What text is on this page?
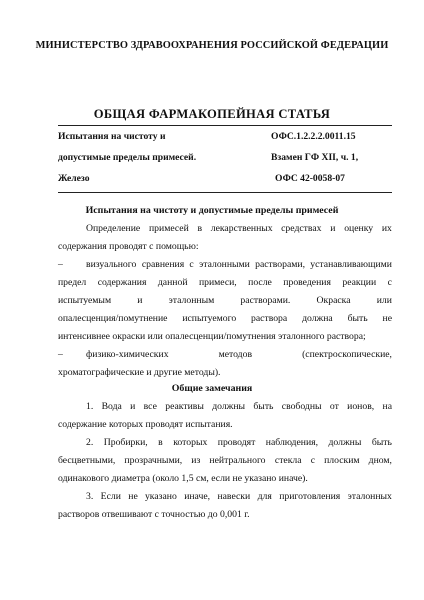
МИНИСТЕРСТВО ЗДРАВООХРАНЕНИЯ РОССИЙСКОЙ ФЕДЕРАЦИИ
ОБЩАЯ ФАРМАКОПЕЙНАЯ СТАТЬЯ
Испытания на чистоту и	ОФС.1.2.2.2.0011.15
допустимые пределы примесей.	Взамен ГФ XII, ч. 1,
Железо	ОФС 42-0058-07
Испытания на чистоту и допустимые пределы примесей
Определение примесей в лекарственных средствах и оценку их
содержания проводят с помощью:
– визуального сравнения с эталонными растворами, устанавливающими
предел содержания данной примеси, после проведения реакции с
испытуемым	и	эталонным	растворами.	Окраска	или
опалесценция/помутнение испытуемого раствора должна быть не
интенсивнее окраски или опалесценции/помутнения эталонного раствора;
– физико-химических	методов	(спектроскопические,
хроматографические и другие методы).
Общие замечания
1. Вода и все реактивы должны быть свободны от ионов, на
содержание которых проводят испытания.
2. Пробирки, в которых проводят наблюдения, должны быть
бесцветными, прозрачными, из нейтрального стекла с плоским дном,
одинакового диаметра (около 1,5 см, если не указано иначе).
3. Если не указано иначе, навески для приготовления эталонных
растворов отвешивают с точностью до 0,001 г.
